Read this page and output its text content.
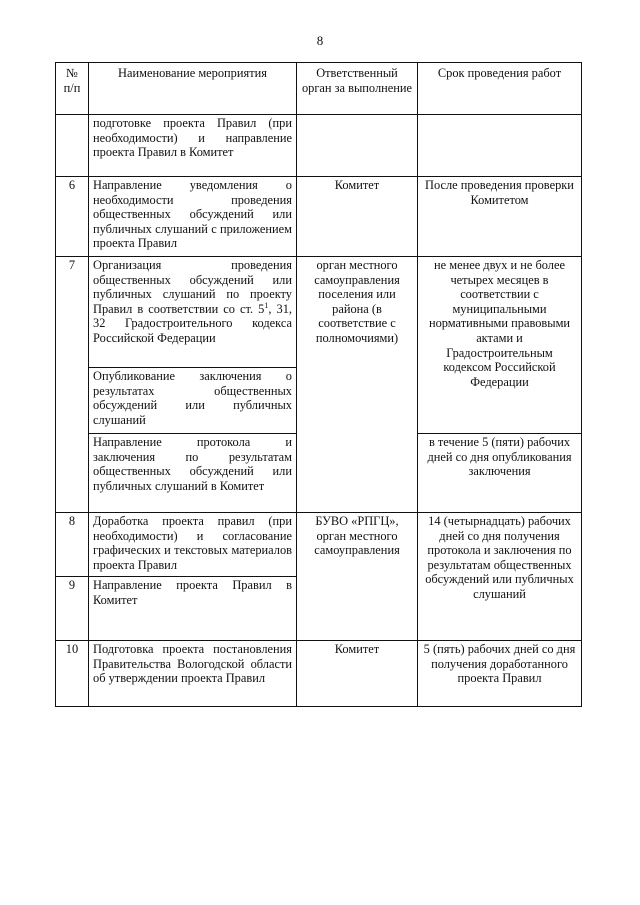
8
№ п/п	Наименование мероприятия	Ответственный орган за выполнение	Срок проведения работ
	подготовке проекта Правил (при необходимости) и направление проекта Правил в Комитет		
6	Направление уведомления о необходимости проведения общественных обсуждений или публичных слушаний с приложением проекта Правил	Комитет	После проведения проверки Комитетом
7	Организация проведения общественных обсуждений или публичных слушаний по проекту Правил в соответствии со ст. $5^1$, 31, 32 Градостроительного кодекса Российской Федерации	орган местного самоуправления поселения или района (в соответствие с полномочиями)	не менее двух и не более четырех месяцев в соответствии с муниципальными нормативными правовыми актами и Градостроительным кодексом Российской Федерации
	Опубликование заключения о результатах общественных обсуждений или публичных слушаний		
	Направление протокола и заключения по результатам общественных обсуждений или публичных слушаний в Комитет		в течение 5 (пяти) рабочих дней со дня опубликования заключения
8	Доработка проекта правил (при необходимости) и согласование графических и текстовых материалов проекта Правил	БУВО «РПГЦ», орган местного самоуправления	14 (четырнадцать) рабочих дней со дня получения протокола и заключения по результатам общественных обсуждений или публичных слушаний
9	Направление проекта Правил в Комитет		
10	Подготовка проекта постановления Правительства Вологодской области об утверждении проекта Правил	Комитет	5 (пять) рабочих дней со дня получения доработанного проекта Правил
